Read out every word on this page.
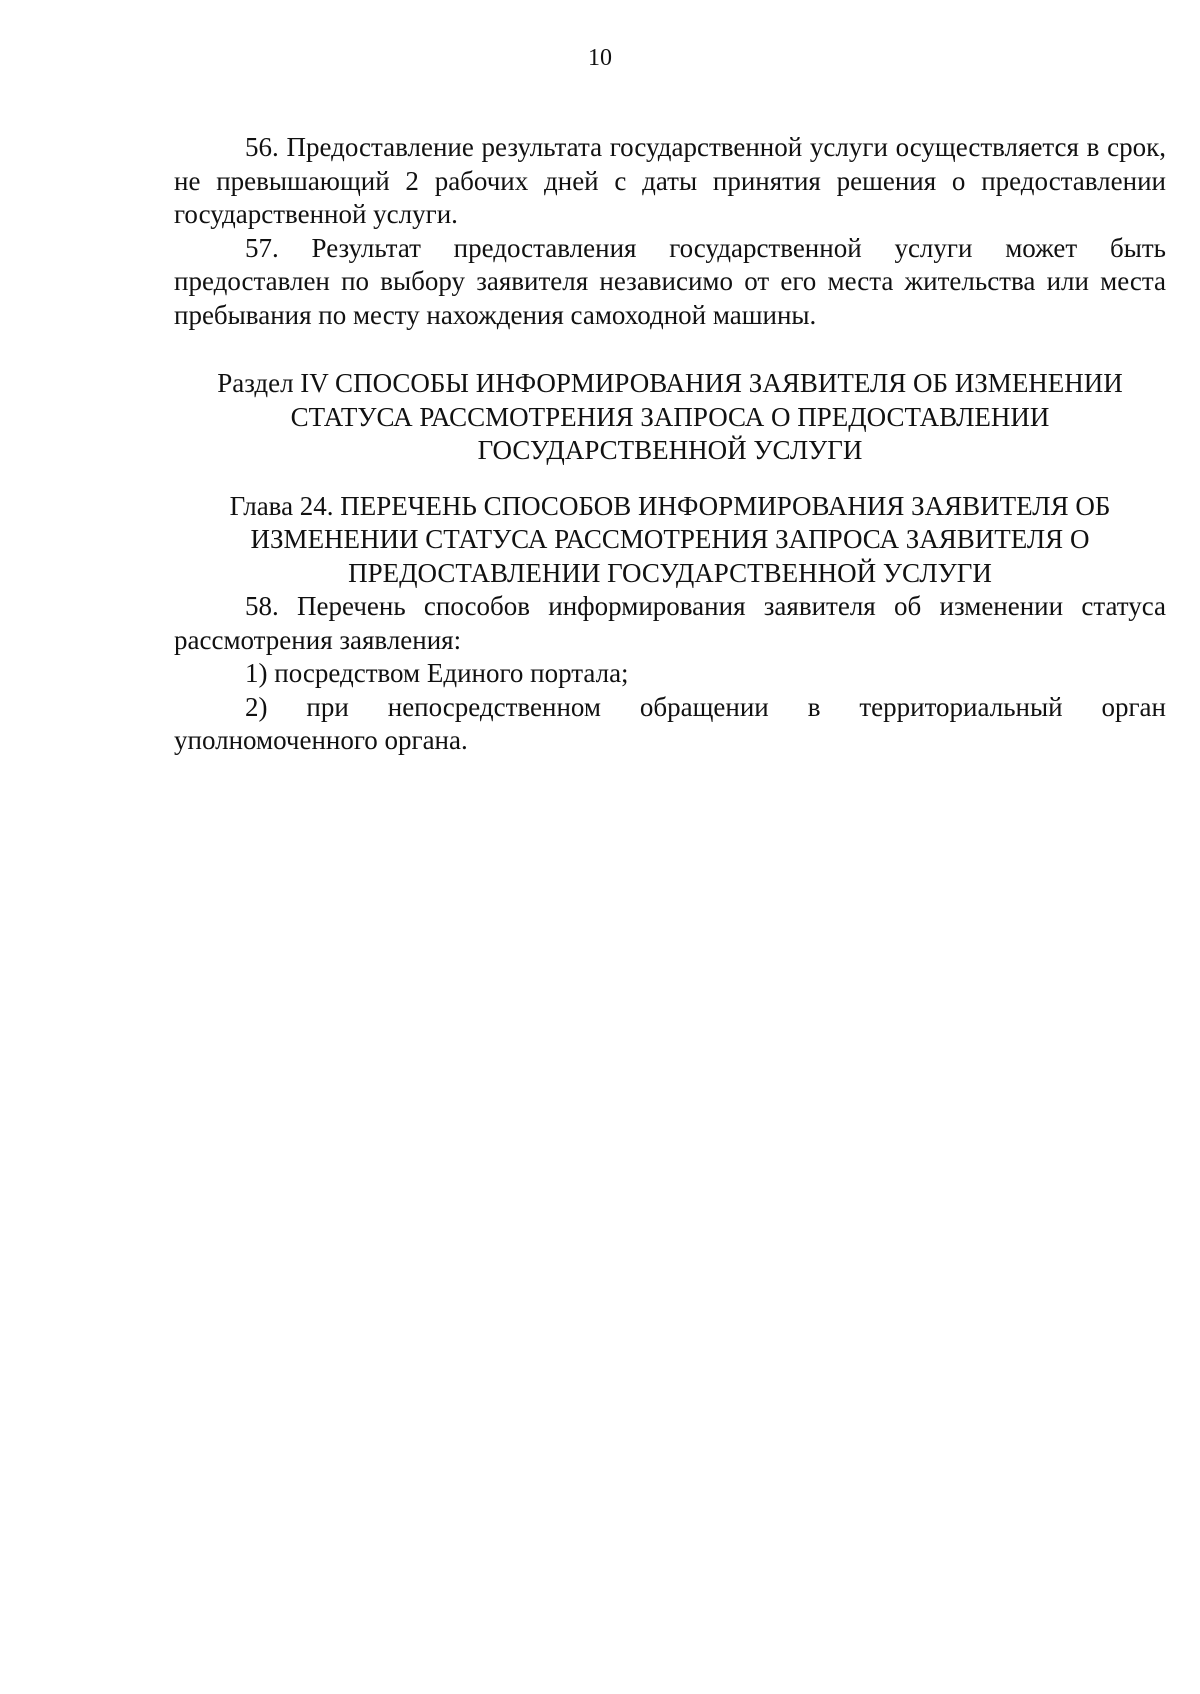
10

56. Предоставление результата государственной услуги осуществляется в срок, не превышающий 2 рабочих дней с даты принятия решения о предоставлении государственной услуги.

57. Результат предоставления государственной услуги может быть предоставлен по выбору заявителя независимо от его места жительства или места пребывания по месту нахождения самоходной машины.

Раздел IV СПОСОБЫ ИНФОРМИРОВАНИЯ ЗАЯВИТЕЛЯ ОБ ИЗМЕНЕНИИ СТАТУСА РАССМОТРЕНИЯ ЗАПРОСА О ПРЕДОСТАВЛЕНИИ ГОСУДАРСТВЕННОЙ УСЛУГИ
Глава 24. ПЕРЕЧЕНЬ СПОСОБОВ ИНФОРМИРОВАНИЯ ЗАЯВИТЕЛЯ ОБ ИЗМЕНЕНИИ СТАТУСА РАССМОТРЕНИЯ ЗАПРОСА ЗАЯВИТЕЛЯ О ПРЕДОСТАВЛЕНИИ ГОСУДАРСТВЕННОЙ УСЛУГИ

58. Перечень способов информирования заявителя об изменении статуса рассмотрения заявления:

1) посредством Единого портала;

2) при непосредственном обращении в территориальный орган уполномоченного органа.
